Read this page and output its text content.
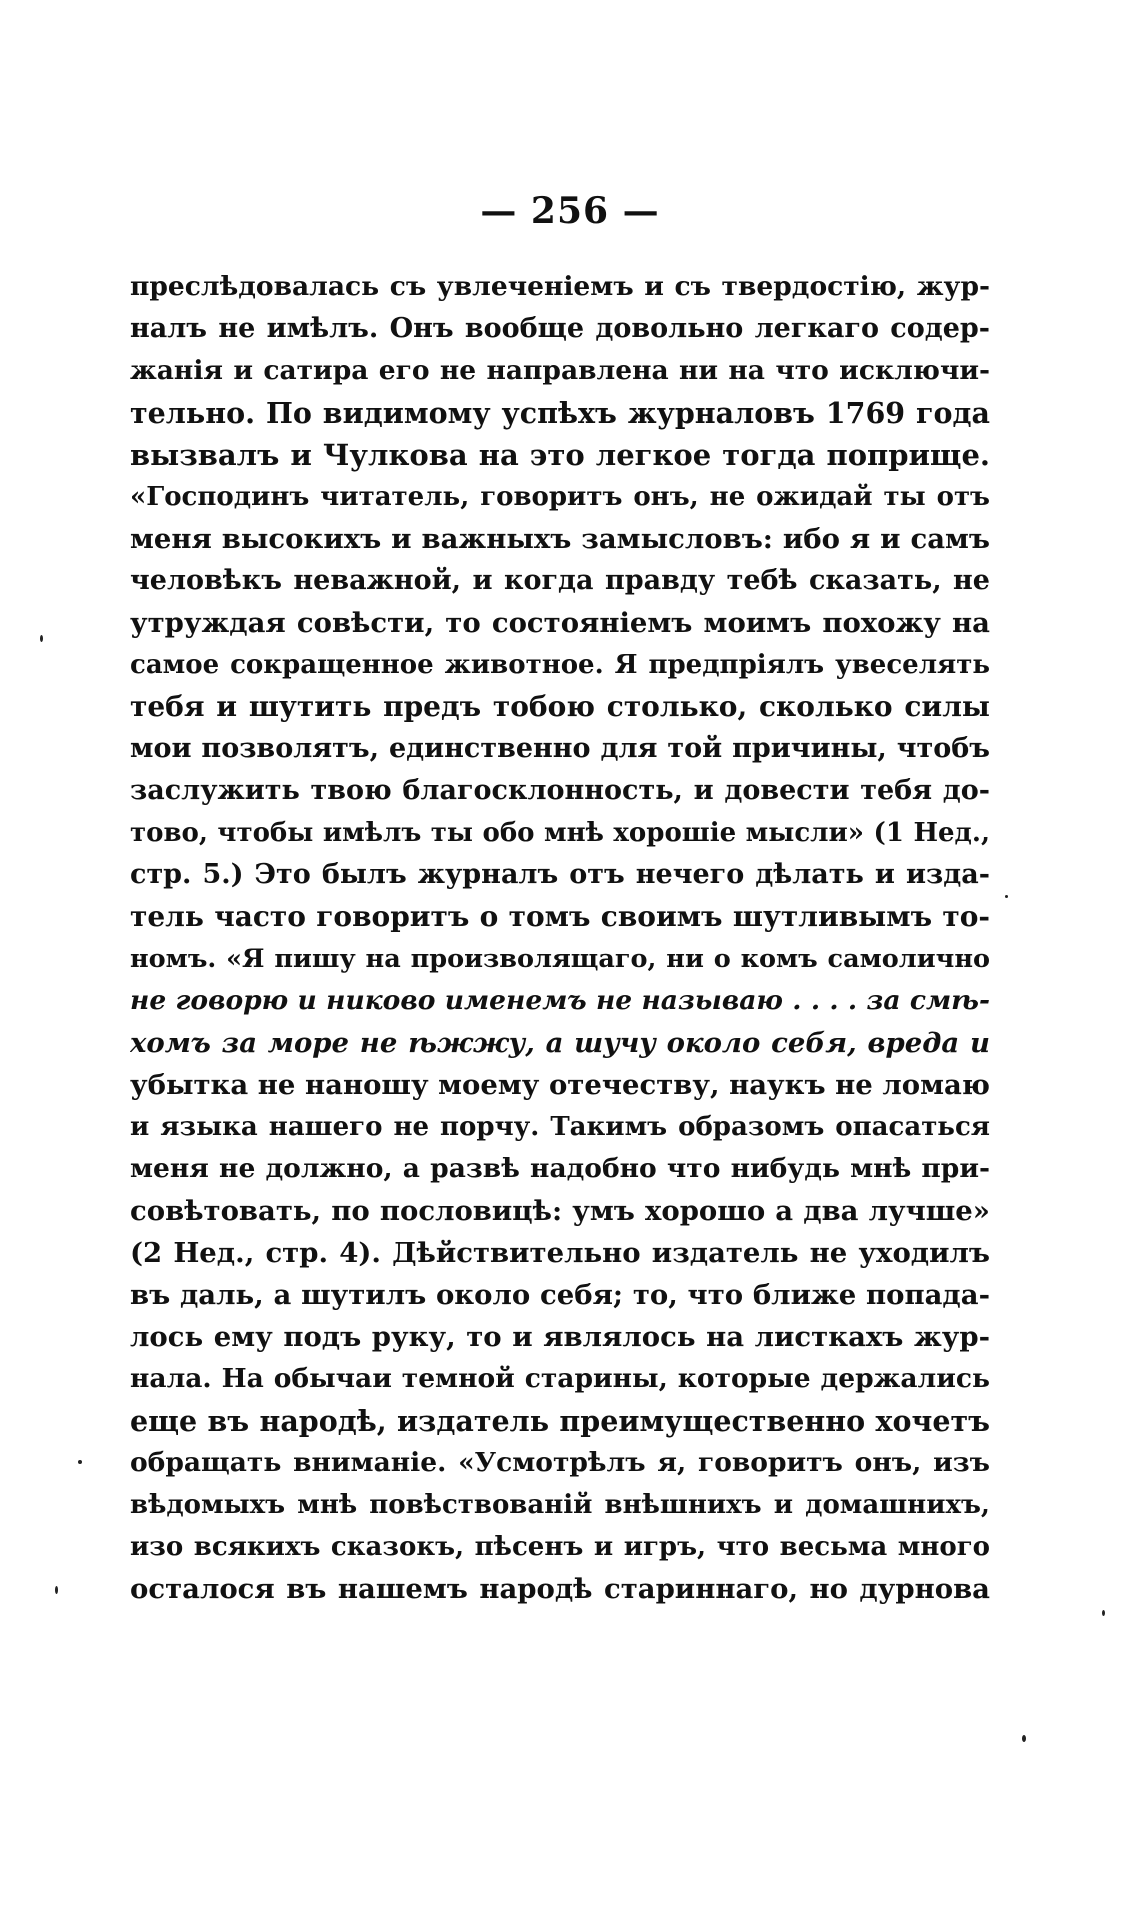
— 256 —
преслѣдовалась съ увлеченіемъ и съ твердостію, жур-
налъ не имѣлъ. Онъ вообще довольно легкаго содер-
жанія и сатира его не направлена ни на что исключи-
тельно. По видимому успѣхъ журналовъ 1769 года
вызвалъ и Чулкова на это легкое тогда поприще.
«Господинъ читатель, говоритъ онъ, не ожидай ты отъ
меня высокихъ и важныхъ замысловъ: ибо я и самъ
человѣкъ неважной, и когда правду тебѣ сказать, не
утруждая совѣсти, то состояніемъ моимъ похожу на
самое сокращенное животное. Я предпріялъ увеселять
тебя и шутить предъ тобою столько, сколько силы
мои позволятъ, единственно для той причины, чтобъ
заслужить твою благосклонность, и довести тебя до-
тово, чтобы имѣлъ ты обо мнѣ хорошіе мысли» (1 Нед.,
стр. 5.) Это былъ журналъ отъ нечего дѣлать и изда-
тель часто говоритъ о томъ своимъ шутливымъ то-
номъ. «Я пишу на произволящаго, ни о комъ самолично
не говорю и никово именемъ не называю . . . . за смѣ-
хомъ за море не ѣжжу, а шучу около себя, вреда и
убытка не наношу моему отечеству, наукъ не ломаю
и языка нашего не порчу. Такимъ образомъ опасаться
меня не должно, а развѣ надобно что нибудь мнѣ при-
совѣтовать, по пословицѣ: умъ хорошо а два лучше»
(2 Нед., стр. 4). Дѣйствительно издатель не уходилъ
въ даль, а шутилъ около себя; то, что ближе попада-
лось ему подъ руку, то и являлось на листкахъ жур-
нала. На обычаи темной старины, которые держались
еще въ народѣ, издатель преимущественно хочетъ
обращать вниманіе. «Усмотрѣлъ я, говоритъ онъ, изъ
вѣдомыхъ мнѣ повѣствованій внѣшнихъ и домашнихъ,
изо всякихъ сказокъ, пѣсенъ и игръ, что весьма много
осталося въ нашемъ народѣ стариннаго, но дурнова
